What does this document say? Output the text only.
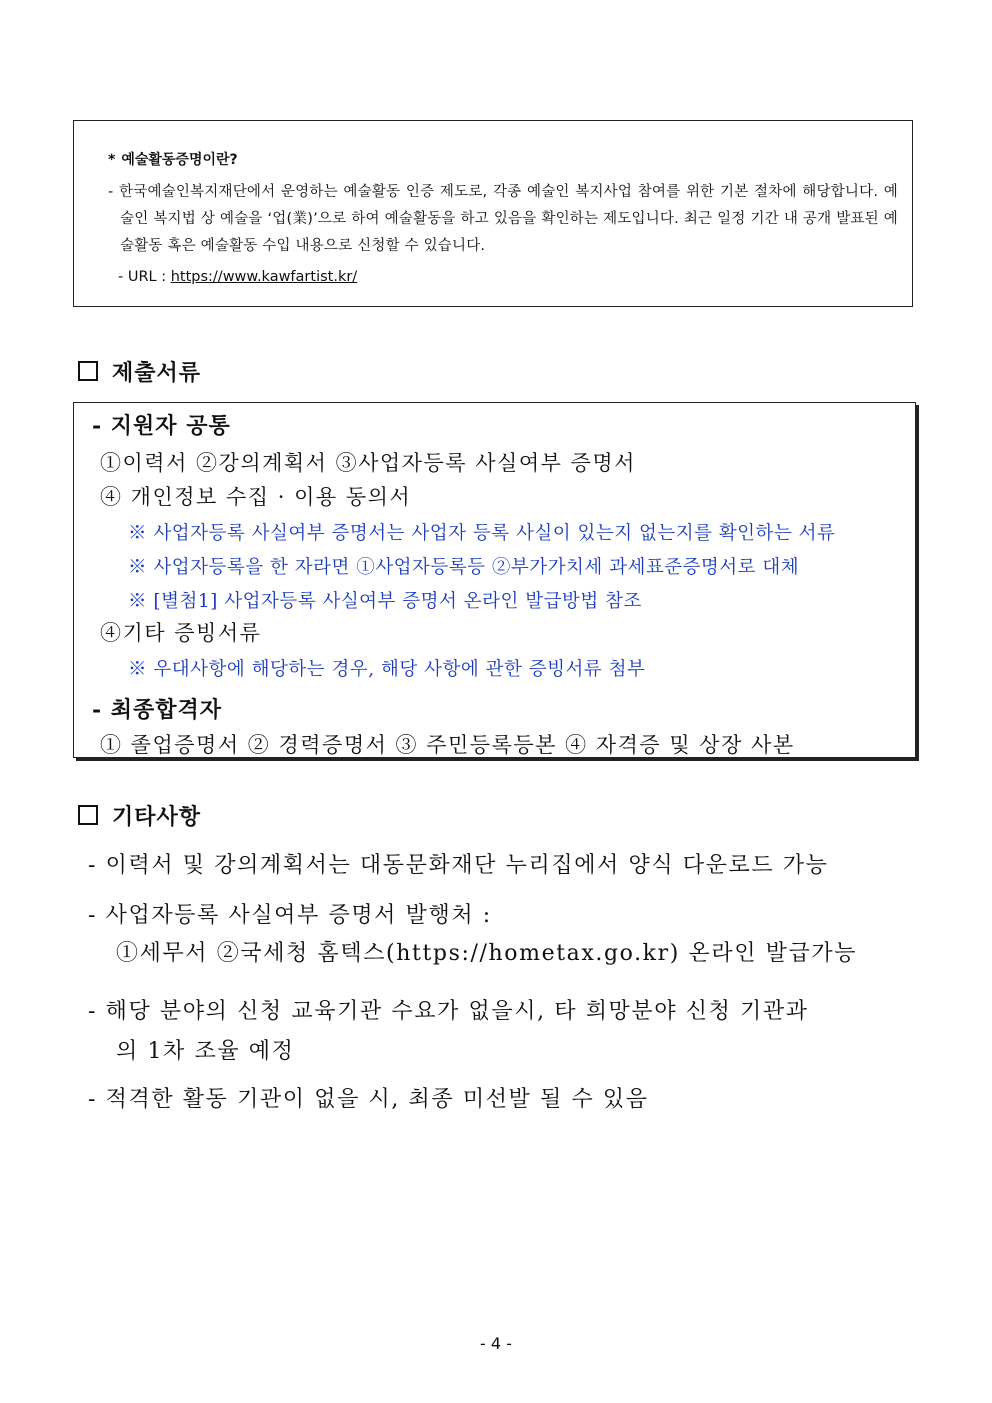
* 예술활동증명이란?
- 한국예술인복지재단에서 운영하는 예술활동 인증 제도로, 각종 예술인 복지사업 참여를 위한 기본 절차에 해당합니다. 예술인 복지법 상 예술을 ‘업(業)’으로 하여 예술활동을 하고 있음을 확인하는 제도입니다. 최근 일정 기간 내 공개 발표된 예술활동 혹은 예술활동 수입 내용으로 신청할 수 있습니다.
- URL : https://www.kawfartist.kr/
제출서류
- 지원자 공통
①이력서 ②강의계획서 ③사업자등록 사실여부 증명서
④ 개인정보 수집 · 이용 동의서
※ 사업자등록 사실여부 증명서는 사업자 등록 사실이 있는지 없는지를 확인하는 서류
※ 사업자등록을 한 자라면 ①사업자등록등 ②부가가치세 과세표준증명서로 대체
※ [별첨1] 사업자등록 사실여부 증명서 온라인 발급방법 참조
④기타 증빙서류
※ 우대사항에 해당하는 경우, 해당 사항에 관한 증빙서류 첨부
- 최종합격자
① 졸업증명서 ② 경력증명서 ③ 주민등록등본 ④ 자격증 및 상장 사본
기타사항
- 이력서 및 강의계획서는 대동문화재단 누리집에서 양식 다운로드 가능
- 사업자등록 사실여부 증명서 발행처 :
①세무서 ②국세청 홈텍스(https://hometax.go.kr) 온라인 발급가능
- 해당 분야의 신청 교육기관 수요가 없을시, 타 희망분야 신청 기관과
의 1차 조율 예정
- 적격한 활동 기관이 없을 시, 최종 미선발 될 수 있음
- 4 -
